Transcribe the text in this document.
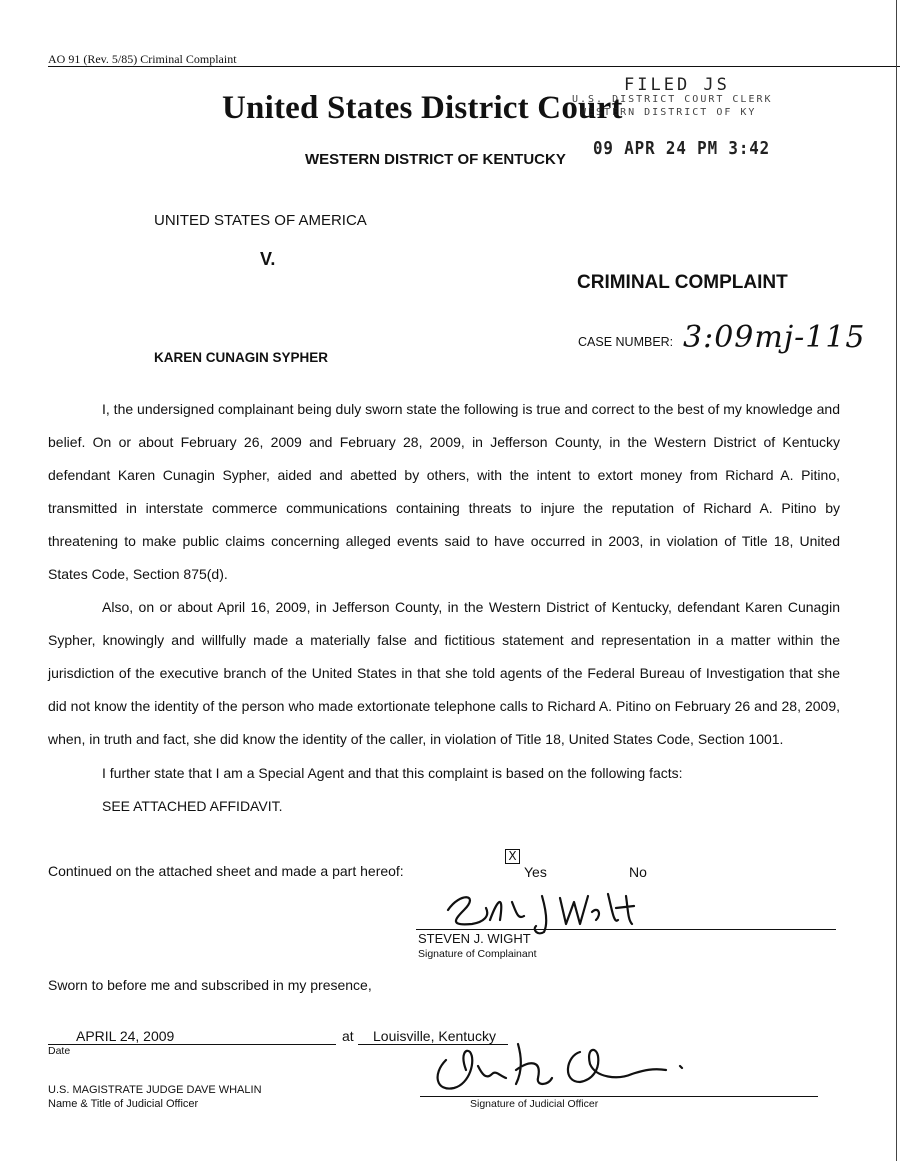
AO 91 (Rev. 5/85) Criminal Complaint
United States District Court
WESTERN DISTRICT OF KENTUCKY
FILED JS
U.S. DISTRICT COURT CLERK
WESTERN DISTRICT OF KY
09 APR 24 PM 3:42
UNITED STATES OF AMERICA
V.
CRIMINAL COMPLAINT
CASE NUMBER: 3:09mj-115
KAREN CUNAGIN SYPHER

I, the undersigned complainant being duly sworn state the following is true and correct to the best of my knowledge and belief. On or about February 26, 2009 and February 28, 2009, in Jefferson County, in the Western District of Kentucky defendant Karen Cunagin Sypher, aided and abetted by others, with the intent to extort money from Richard A. Pitino, transmitted in interstate commerce communications containing threats to injure the reputation of Richard A. Pitino by threatening to make public claims concerning alleged events said to have occurred in 2003, in violation of Title 18, United States Code, Section 875(d).

Also, on or about April 16, 2009, in Jefferson County, in the Western District of Kentucky, defendant Karen Cunagin Sypher, knowingly and willfully made a materially false and fictitious statement and representation in a matter within the jurisdiction of the executive branch of the United States in that she told agents of the Federal Bureau of Investigation that she did not know the identity of the person who made extortionate telephone calls to Richard A. Pitino on February 26 and 28, 2009, when, in truth and fact, she did know the identity of the caller, in violation of Title 18, United States Code, Section 1001.

I further state that I am a Special Agent and that this complaint is based on the following facts:
SEE ATTACHED AFFIDAVIT.
Continued on the attached sheet and made a part hereof:
X
Yes	No
STEVEN J. WIGHT
Signature of Complainant
Sworn to before me and subscribed in my presence,
APRIL 24, 2009
Date
at Louisville, Kentucky
U.S. MAGISTRATE JUDGE DAVE WHALIN
Name & Title of Judicial Officer	Signature of Judicial Officer
